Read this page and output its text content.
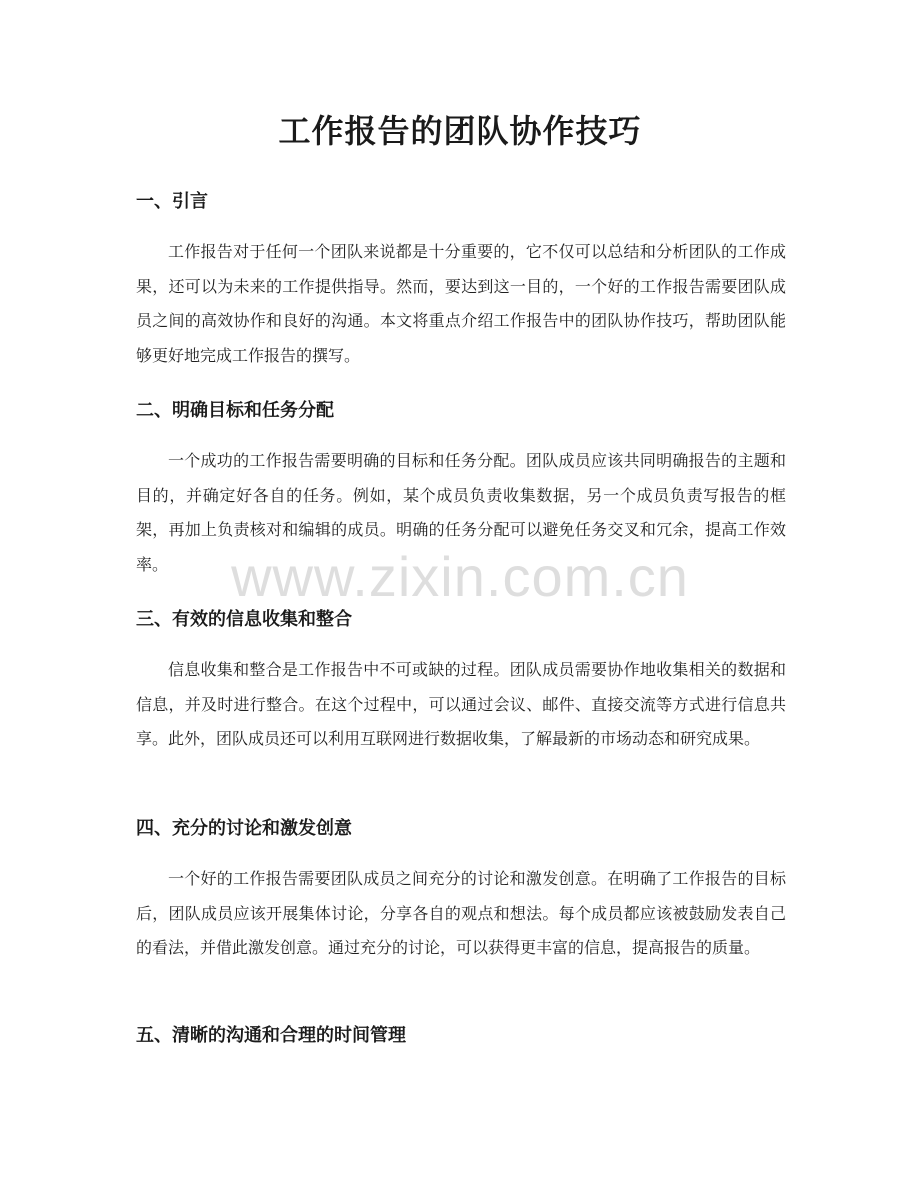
工作报告的团队协作技巧
一、引言

工作报告对于任何一个团队来说都是十分重要的，它不仅可以总结和分析团队的工作成果，还可以为未来的工作提供指导。然而，要达到这一目的，一个好的工作报告需要团队成员之间的高效协作和良好的沟通。本文将重点介绍工作报告中的团队协作技巧，帮助团队能够更好地完成工作报告的撰写。

二、明确目标和任务分配

一个成功的工作报告需要明确的目标和任务分配。团队成员应该共同明确报告的主题和目的，并确定好各自的任务。例如，某个成员负责收集数据，另一个成员负责写报告的框架，再加上负责核对和编辑的成员。明确的任务分配可以避免任务交叉和冗余，提高工作效率。

三、有效的信息收集和整合

信息收集和整合是工作报告中不可或缺的过程。团队成员需要协作地收集相关的数据和信息，并及时进行整合。在这个过程中，可以通过会议、邮件、直接交流等方式进行信息共享。此外，团队成员还可以利用互联网进行数据收集，了解最新的市场动态和研究成果。

四、充分的讨论和激发创意

一个好的工作报告需要团队成员之间充分的讨论和激发创意。在明确了工作报告的目标后，团队成员应该开展集体讨论，分享各自的观点和想法。每个成员都应该被鼓励发表自己的看法，并借此激发创意。通过充分的讨论，可以获得更丰富的信息，提高报告的质量。

五、清晰的沟通和合理的时间管理
www.zixin.com.cn
